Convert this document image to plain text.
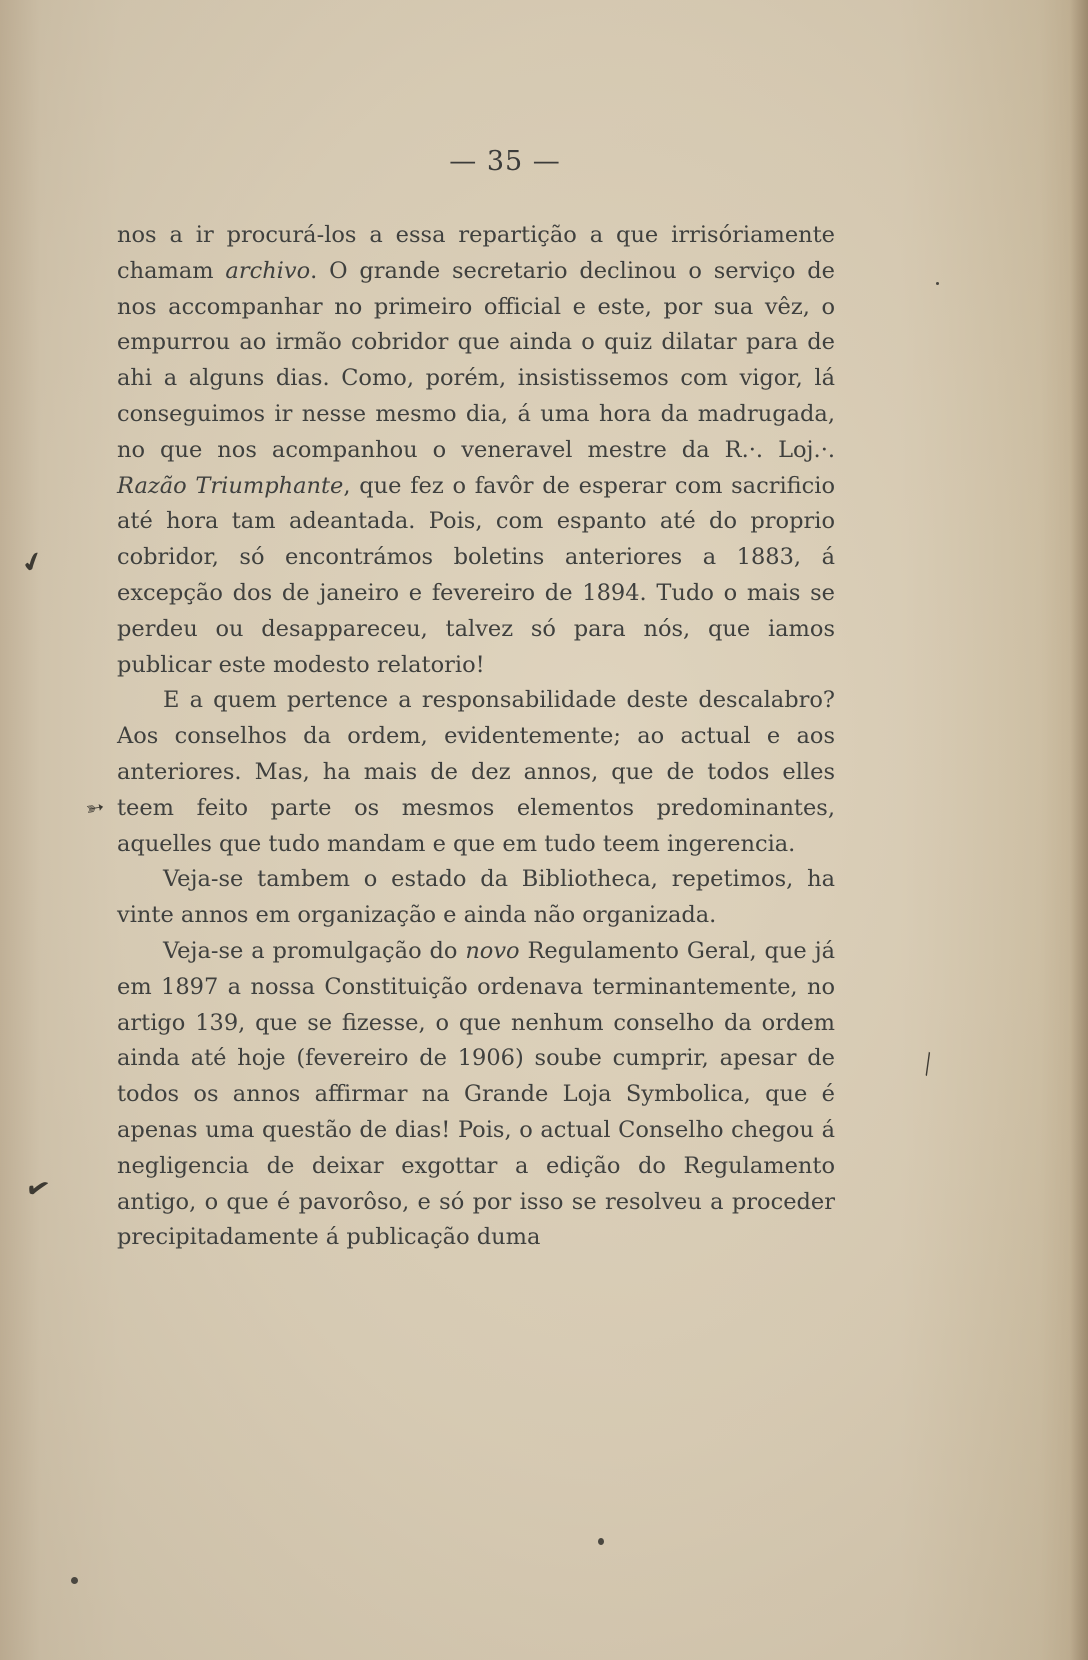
— 35 —

nos a ir procurá-los a essa repartição a que irrisóriamente chamam archivo. O grande secretario declinou o serviço de nos accompanhar no primeiro official e este, por sua vêz, o empurrou ao irmão cobridor que ainda o quiz dilatar para de ahi a alguns dias. Como, porém, insistissemos com vigor, lá conseguimos ir nesse mesmo dia, á uma hora da madrugada, no que nos acompanhou o veneravel mestre da R.·. Loj.·. Razão Triumphante, que fez o favôr de esperar com sacrificio até hora tam adeantada. Pois, com espanto até do proprio cobridor, só encontrámos boletins anteriores a 1883, á excepção dos de janeiro e fevereiro de 1894. Tudo o mais se perdeu ou desappareceu, talvez só para nós, que iamos publicar este modesto relatorio!

E a quem pertence a responsabilidade deste descalabro? Aos conselhos da ordem, evidentemente; ao actual e aos anteriores. Mas, ha mais de dez annos, que de todos elles teem feito parte os mesmos elementos predominantes, aquelles que tudo mandam e que em tudo teem ingerencia.

Veja-se tambem o estado da Bibliotheca, repetimos, ha vinte annos em organização e ainda não organizada.

Veja-se a promulgação do novo Regulamento Geral, que já em 1897 a nossa Constituição ordenava terminantemente, no artigo 139, que se fizesse, o que nenhum conselho da ordem ainda até hoje (fevereiro de 1906) soube cumprir, apesar de todos os annos affirmar na Grande Loja Symbolica, que é apenas uma questão de dias! Pois, o actual Conselho chegou á negligencia de deixar exgottar a edição do Regulamento antigo, o que é pavorôso, e só por isso se resolveu a proceder precipitadamente á publicação duma

✔
➳
✔
╲
